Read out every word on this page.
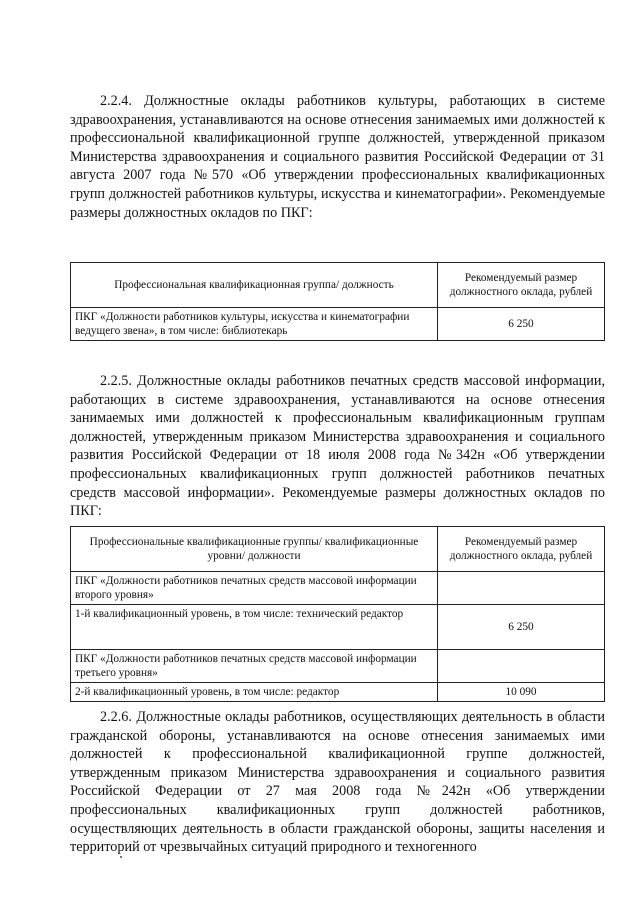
2.2.4. Должностные оклады работников культуры, работающих в системе здравоохранения, устанавливаются на основе отнесения занимаемых ими должностей к профессиональной квалификационной группе должностей, утвержденной приказом Министерства здравоохранения и социального развития Российской Федерации от 31 августа 2007 года №570 «Об утверждении профессиональных квалификационных групп должностей работников культуры, искусства и кинематографии». Рекомендуемые размеры должностных окладов по ПКГ:

Профессиональная квалификационная группа/ должность	Рекомендуемый размер должностного оклада, рублей
ПКГ «Должности работников культуры, искусства и кинематографии ведущего звена», в том числе: библиотекарь	6 250

2.2.5. Должностные оклады работников печатных средств массовой информации, работающих в системе здравоохранения, устанавливаются на основе отнесения занимаемых ими должностей к профессиональным квалификационным группам должностей, утвержденным приказом Министерства здравоохранения и социального развития Российской Федерации от 18 июля 2008 года №342н «Об утверждении профессиональных квалификационных групп должностей работников печатных средств массовой информации». Рекомендуемые размеры должностных окладов по ПКГ:

Профессиональные квалификационные группы/ квалификационные уровни/ должности	Рекомендуемый размер должностного оклада, рублей
ПКГ «Должности работников печатных средств массовой информации второго уровня»	
1-й квалификационный уровень, в том числе: технический редактор	6 250
ПКГ «Должности работников печатных средств массовой информации третьего уровня»	
2-й квалификационный уровень, в том числе: редактор	10 090

2.2.6. Должностные оклады работников, осуществляющих деятельность в области гражданской обороны, устанавливаются на основе отнесения занимаемых ими должностей к профессиональной квалификационной группе должностей, утвержденным приказом Министерства здравоохранения и социального развития Российской Федерации от 27 мая 2008 года №242н «Об утверждении профессиональных квалификационных групп должностей работников, осуществляющих деятельность в области гражданской обороны, защиты населения и территорий от чрезвычайных ситуаций природного и техногенного
